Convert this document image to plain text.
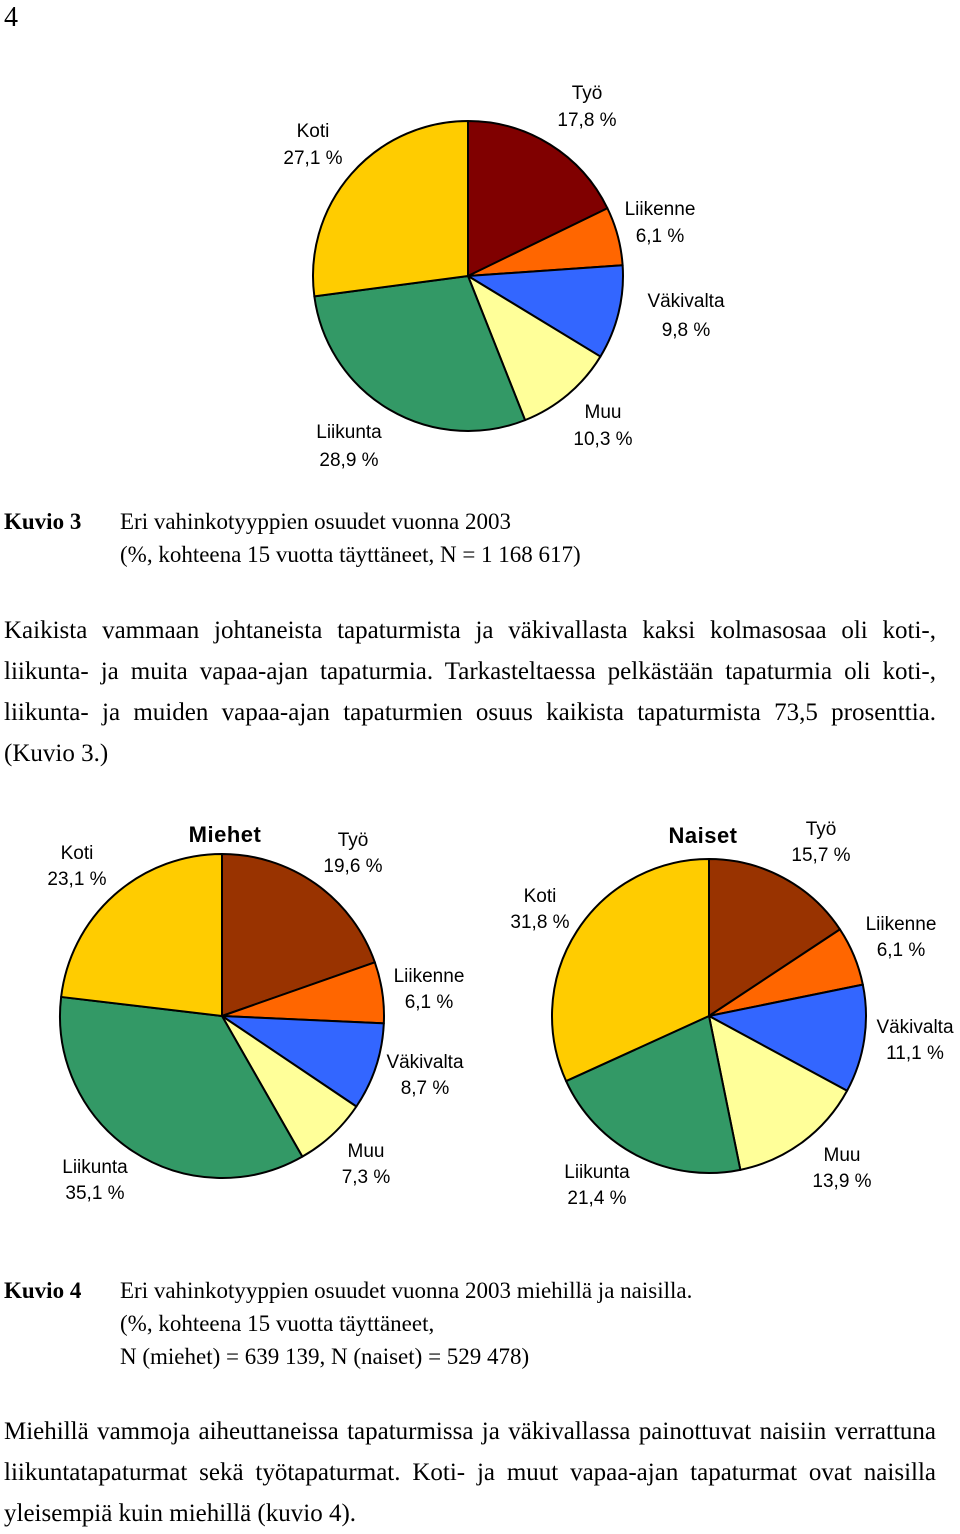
4
Koti
27,1 %
Työ
17,8 %
Liikenne
6,1 %
Väkivalta
9,8 %
Muu
10,3 %
Liikunta
28,9 %
Miehet
Koti
23,1 %
Työ
19,6 %
Liikenne
6,1 %
Väkivalta
8,7 %
Muu
7,3 %
Liikunta
35,1 %
Naiset
Koti
31,8 %
Työ
15,7 %
Liikenne
6,1 %
Väkivalta
11,1 %
Muu
13,9 %
Liikunta
21,4 %
Kuvio 3 Eri vahinkotyyppien osuudet vuonna 2003
(%, kohteena 15 vuotta täyttäneet, N = 1 168 617)

Kaikista vammaan johtaneista tapaturmista ja väkivallasta kaksi kolmasosaa oli koti-, liikunta- ja muita vapaa-ajan tapaturmia. Tarkasteltaessa pelkästään tapaturmia oli koti-, liikunta- ja muiden vapaa-ajan tapaturmien osuus kaikista tapaturmista 73,5 prosenttia. (Kuvio 3.)

Kuvio 4 Eri vahinkotyyppien osuudet vuonna 2003 miehillä ja naisilla.
(%, kohteena 15 vuotta täyttäneet,
N (miehet) = 639 139, N (naiset) = 529 478)

Miehillä vammoja aiheuttaneissa tapaturmissa ja väkivallassa painottuvat naisiin verrattuna liikuntatapaturmat sekä työtapaturmat. Koti- ja muut vapaa-ajan tapaturmat ovat naisilla yleisempiä kuin miehillä (kuvio 4).
